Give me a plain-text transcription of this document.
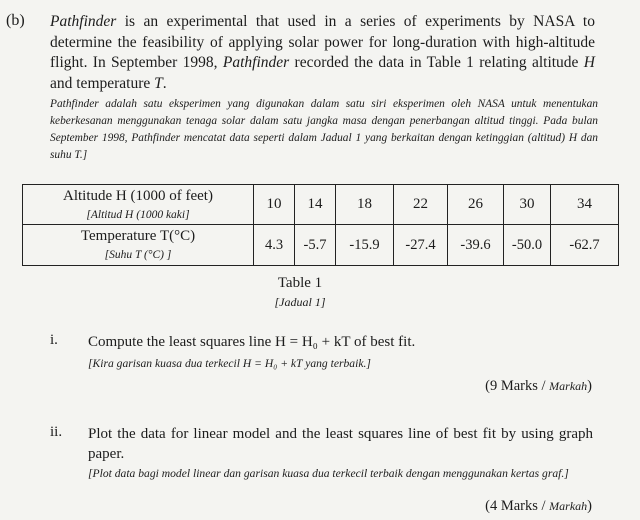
(b) Pathfinder is an experimental that used in a series of experiments by NASA to determine the feasibility of applying solar power for long-duration with high-altitude flight. In September 1998, Pathfinder recorded the data in Table 1 relating altitude H and temperature T.
Pathfinder adalah satu eksperimen yang digunakan dalam satu siri eksperimen oleh NASA untuk menentukan keberkesanan menggunakan tenaga solar dalam satu jangka masa dengan penerbangan altitud tinggi. Pada bulan September 1998, Pathfinder mencatat data seperti dalam Jadual 1 yang berkaitan dengan ketinggian (altitud) H dan suhu T.]
Altitude H (1000 of feet)
[Altitud H (1000 kaki]	10	14	18	22	26	30	34

Temperature T(°C)
[Suhu T (°C) ]	4.3	-5.7	-15.9	-27.4	-39.6	-50.0	-62.7
Table 1
[Jadual 1]
i. Compute the least squares line H = H₀ + kT of best fit.
[Kira garisan kuasa dua terkecil H = H₀ + kT yang terbaik.]
(9 Marks / Markah)
ii. Plot the data for linear model and the least squares line of best fit by using graph paper.
[Plot data bagi model linear dan garisan kuasa dua terkecil terbaik dengan menggunakan kertas graf.]
(4 Marks / Markah)
